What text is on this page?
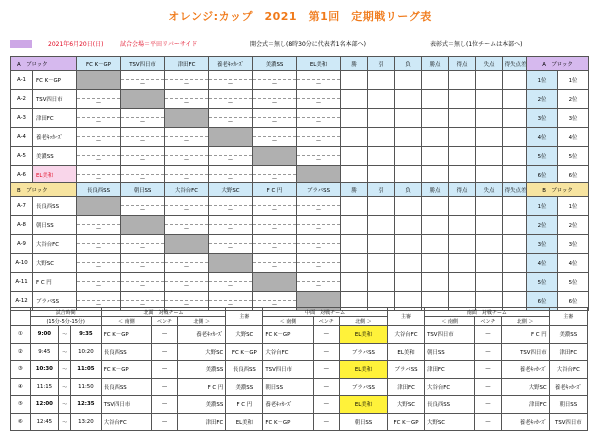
オレンジ:カップ　2021　第1回　定期戦リーグ表
2021年6月20日(日)	試合会場＝平田リバーサイド	開会式＝無し(8時30分に代表者1名本部へ)	表彰式＝無し(1位チームは本部へ)
A　ブロック		FC K－GP	TSV四日市	津田FC	養老ｷｯｶｰｽﾞ	美濃SS	EL美和	勝	引	負	勝点	得点	失点	得失点差
A-1	FC K－GP		—	—	—	—	—							

A-2	TSV四日市	—		—	—	—	—							

A-3	津田FC	—	—		—	—	—							

A-4	養老ｷｯｶｰｽﾞ	—	—	—		—	—							

A-5	美濃SS	—	—	—	—		—							

A-6	EL美和	—	—	—	—	—								

A　ブロック	
1位	1位
2位	2位
3位	3位
4位	4位
5位	5位
6位	6位
B　ブロック		長良西SS	朝日SS	大谷台FC	大野SC	F C 円	ブラバSS	勝	引	負	勝点	得点	失点	得失点差
A-7	長良西SS		—	—	—	—	—							

A-8	朝日SS	—		—	—	—	—							

A-9	大谷台FC	—	—		—	—	—							

A-10	大野SC	—	—	—		—	—							

A-11	F C 円	—	—	—	—		—							

A-12	ブラバSS	—	—	—	—	—								

B　ブロック	
1位	1位
2位	2位
3位	3位
4位	4位
5位	5位
6位	6位
	試合時間			北面　対戦チーム			主審	中面　対戦チーム			主審	南面　対戦チーム			主審
	(15分-5分-15分)			＜ 南側	ベンチ	北側 ＞		＜ 南側	ベンチ	北側 ＞		＜ 南側	ベンチ	北側 ＞	
①	9:00	〜	9:35	FC K－GP	—	養老ｷｯｶｰｽﾞ	大野SC	FC K－GP	—	EL美和	大谷台FC	TSV四日市	—	F C 円	美濃SS
②	9:45	〜	10:20	長良西SS	—	大野SC	FC K－GP	大谷台FC	—	ブラバSS	EL美和	朝日SS	—	TSV四日市	津田FC
③	10:30	〜	11:05	FC K－GP	—	美濃SS	長良西SS	TSV四日市	—	EL美和	ブラバSS	津田FC	—	養老ｷｯｶｰｽﾞ	大谷台FC
④	11:15	〜	11:50	長良西SS	—	F C 円	美濃SS	朝日SS	—	ブラバSS	津田FC	大谷台FC	—	大野SC	養老ｷｯｶｰｽﾞ
⑤	12:00	〜	12:35	TSV四日市	—	美濃SS	F C 円	養老ｷｯｶｰｽﾞ	—	EL美和	大野SC	長良西SS	—	津田FC	朝日SS
⑥	12:45	〜	13:20	大谷台FC	—	津田FC	EL美和	FC K－GP	—	朝日SS	FC K－GP	大野SC	—	養老ｷｯｶｰｽﾞ	TSV四日市
